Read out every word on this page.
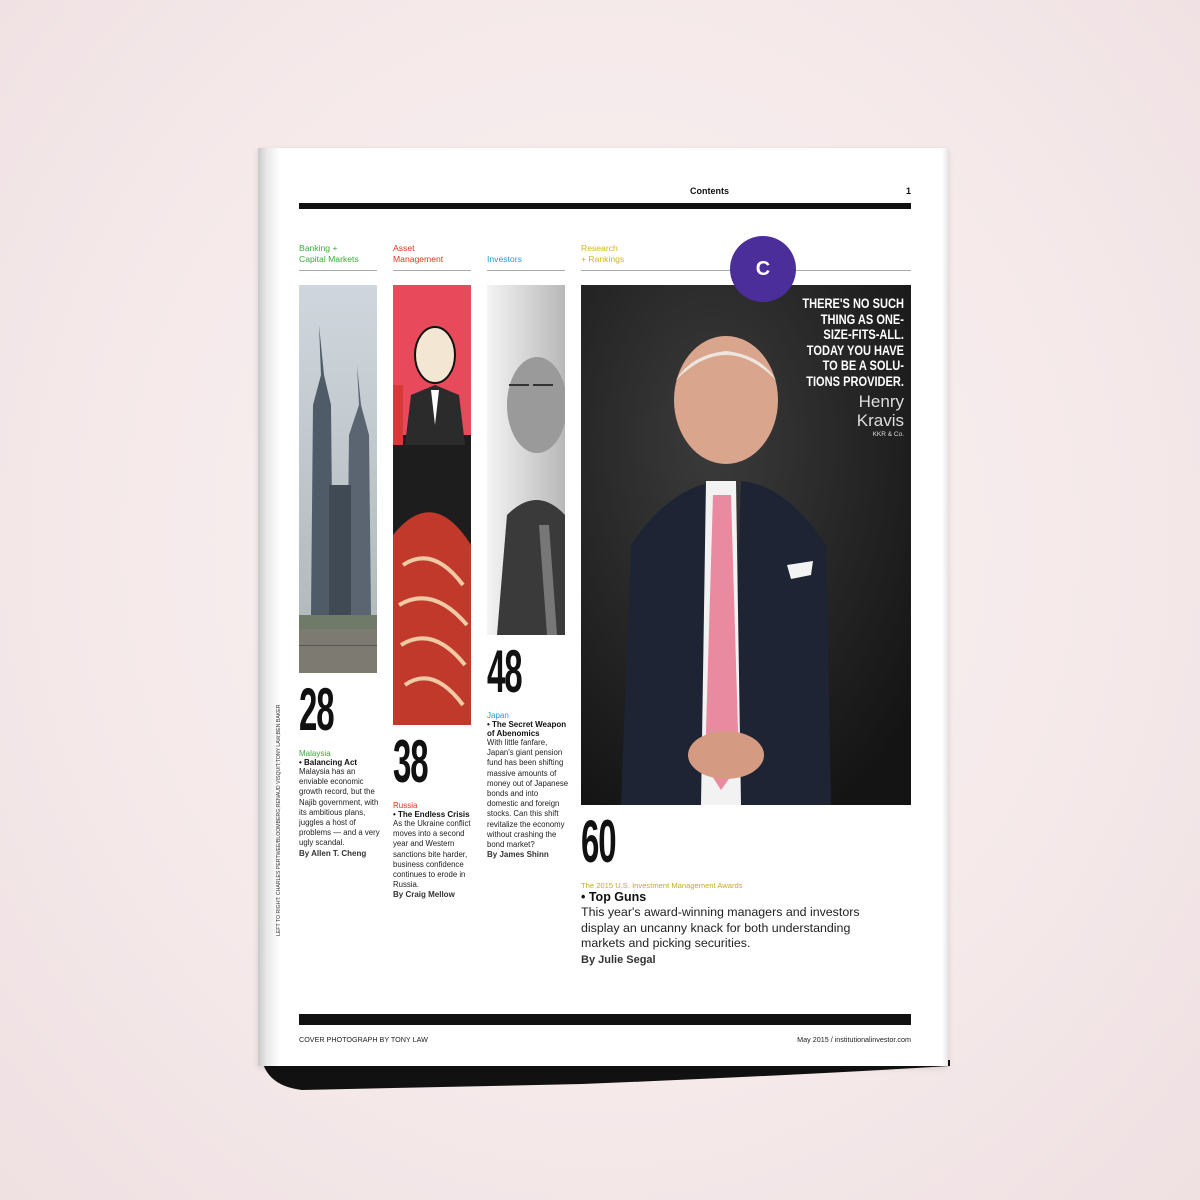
Contents	1
Banking +
Capital Markets
Asset
Management	Investors
Research
+ Rankings
THERE'S NO SUCH
THING AS ONE-
SIZE-FITS-ALL.
TODAY YOU HAVE
TO BE A SOLU-
TIONS PROVIDER.
Henry
Kravis
KKR & Co.
C
28
Malaysia
• Balancing Act
Malaysia has an enviable economic growth record, but the Najib government, with its ambitious plans, juggles a host of problems — and a very ugly scandal.
By Allen T. Cheng
38
Russia
• The Endless Crisis
As the Ukraine conflict moves into a second year and Western sanctions bite harder, business confidence continues to erode in Russia.
By Craig Mellow
48
Japan
• The Secret Weapon of Abenomics
With little fanfare, Japan's giant pension fund has been shifting massive amounts of money out of Japanese bonds and into domestic and foreign stocks. Can this shift revitalize the economy without crashing the bond market?
By James Shinn 60
The 2015 U.S. Investment Management Awards
• Top Guns
This year's award-winning managers and investors display an uncanny knack for both understanding markets and picking securities.
By Julie Segal
LEFT TO RIGHT: CHARLES PERTWEE/BLOOMBERG;RENAUD VISQUIT;TONY LAW;BEN BAKER
COVER PHOTOGRAPH BY TONY LAW	May 2015 / institutionalinvestor.com
